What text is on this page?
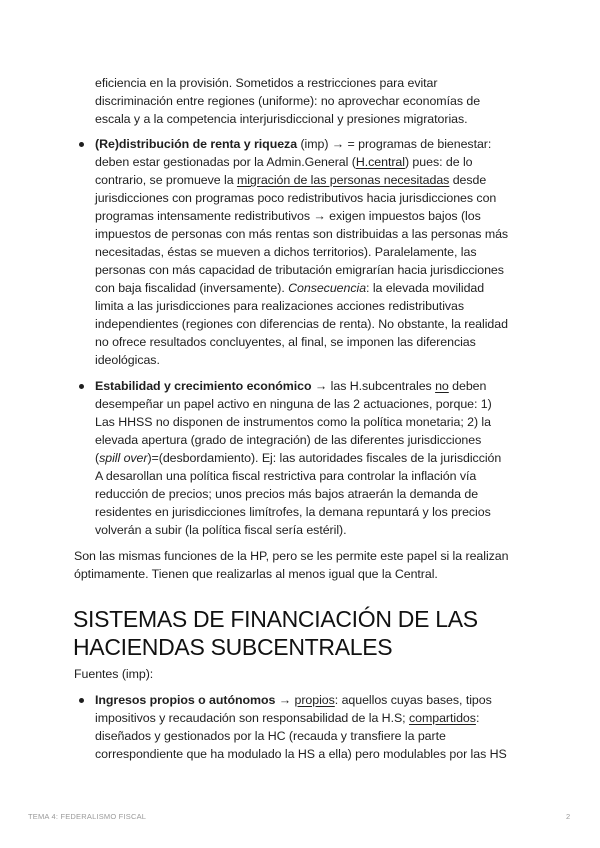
eficiencia en la provisión. Sometidos a restricciones para evitar
discriminación entre regiones (uniforme): no aprovechar economías de
escala y a la competencia interjurisdiccional y presiones migratorias.
(Re)distribución de renta y riqueza (imp) → = programas de bienestar:
deben estar gestionadas por la Admin.General (H.central) pues: de lo
contrario, se promueve la migración de las personas necesitadas desde
jurisdicciones con programas poco redistributivos hacia jurisdicciones con
programas intensamente redistributivos → exigen impuestos bajos (los
impuestos de personas con más rentas son distribuidas a las personas más
necesitadas, éstas se mueven a dichos territorios). Paralelamente, las
personas con más capacidad de tributación emigrarían hacia jurisdicciones
con baja fiscalidad (inversamente). Consecuencia: la elevada movilidad
limita a las jurisdicciones para realizaciones acciones redistributivas
independientes (regiones con diferencias de renta). No obstante, la realidad
no ofrece resultados concluyentes, al final, se imponen las diferencias
ideológicas.
Estabilidad y crecimiento económico → las H.subcentrales no deben
desempeñar un papel activo en ninguna de las 2 actuaciones, porque: 1)
Las HHSS no disponen de instrumentos como la política monetaria; 2) la
elevada apertura (grado de integración) de las diferentes jurisdicciones
(spill over)=(desbordamiento). Ej: las autoridades fiscales de la jurisdicción
A desarollan una política fiscal restrictiva para controlar la inflación vía
reducción de precios; unos precios más bajos atraerán la demanda de
residentes en jurisdicciones limítrofes, la demana repuntará y los precios
volverán a subir (la política fiscal sería estéril).
Son las mismas funciones de la HP, pero se les permite este papel si la realizan
óptimamente. Tienen que realizarlas al menos igual que la Central.
SISTEMAS DE FINANCIACIÓN DE LAS
HACIENDAS SUBCENTRALES
Fuentes (imp):
Ingresos propios o autónomos → propios: aquellos cuyas bases, tipos
impositivos y recaudación son responsabilidad de la H.S; compartidos:
diseñados y gestionados por la HC (recauda y transfiere la parte
correspondiente que ha modulado la HS a ella) pero modulables por las HS
TEMA 4: FEDERALISMO FISCAL	2
